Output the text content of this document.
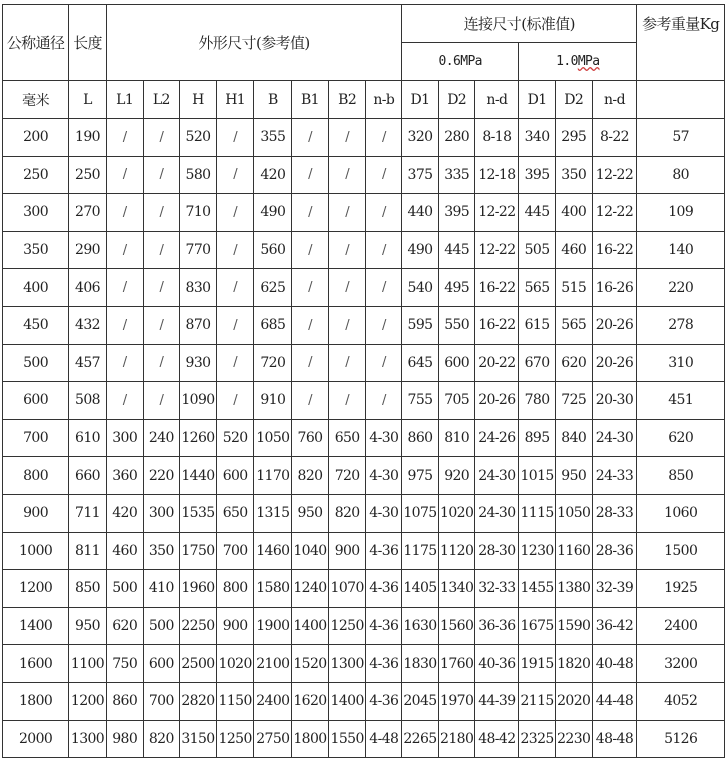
公称通径	长度	外形尺寸(参考值)								连接尺寸(标准值)						参考重量Kg
										0.6MPa			1.0MPa			
毫米	L	L1	L2	H	H1	B	B1	B2	n-b	D1	D2	n-d	D1	D2	n-d	
200	190	/	/	520	/	355	/	/	/	320	280	8-18	340	295	8-22	57
250	250	/	/	580	/	420	/	/	/	375	335	12-18	395	350	12-22	80
300	270	/	/	710	/	490	/	/	/	440	395	12-22	445	400	12-22	109
350	290	/	/	770	/	560	/	/	/	490	445	12-22	505	460	16-22	140
400	406	/	/	830	/	625	/	/	/	540	495	16-22	565	515	16-26	220
450	432	/	/	870	/	685	/	/	/	595	550	16-22	615	565	20-26	278
500	457	/	/	930	/	720	/	/	/	645	600	20-22	670	620	20-26	310
600	508	/	/	1090	/	910	/	/	/	755	705	20-26	780	725	20-30	451
700	610	300	240	1260	520	1050	760	650	4-30	860	810	24-26	895	840	24-30	620
800	660	360	220	1440	600	1170	820	720	4-30	975	920	24-30	1015	950	24-33	850
900	711	420	300	1535	650	1315	950	820	4-30	1075	1020	24-30	1115	1050	28-33	1060
1000	811	460	350	1750	700	1460	1040	900	4-36	1175	1120	28-30	1230	1160	28-36	1500
1200	850	500	410	1960	800	1580	1240	1070	4-36	1405	1340	32-33	1455	1380	32-39	1925
1400	950	620	500	2250	900	1900	1400	1250	4-36	1630	1560	36-36	1675	1590	36-42	2400
1600	1100	750	600	2500	1020	2100	1520	1300	4-36	1830	1760	40-36	1915	1820	40-48	3200
1800	1200	860	700	2820	1150	2400	1620	1400	4-36	2045	1970	44-39	2115	2020	44-48	4052
2000	1300	980	820	3150	1250	2750	1800	1550	4-48	2265	2180	48-42	2325	2230	48-48	5126
